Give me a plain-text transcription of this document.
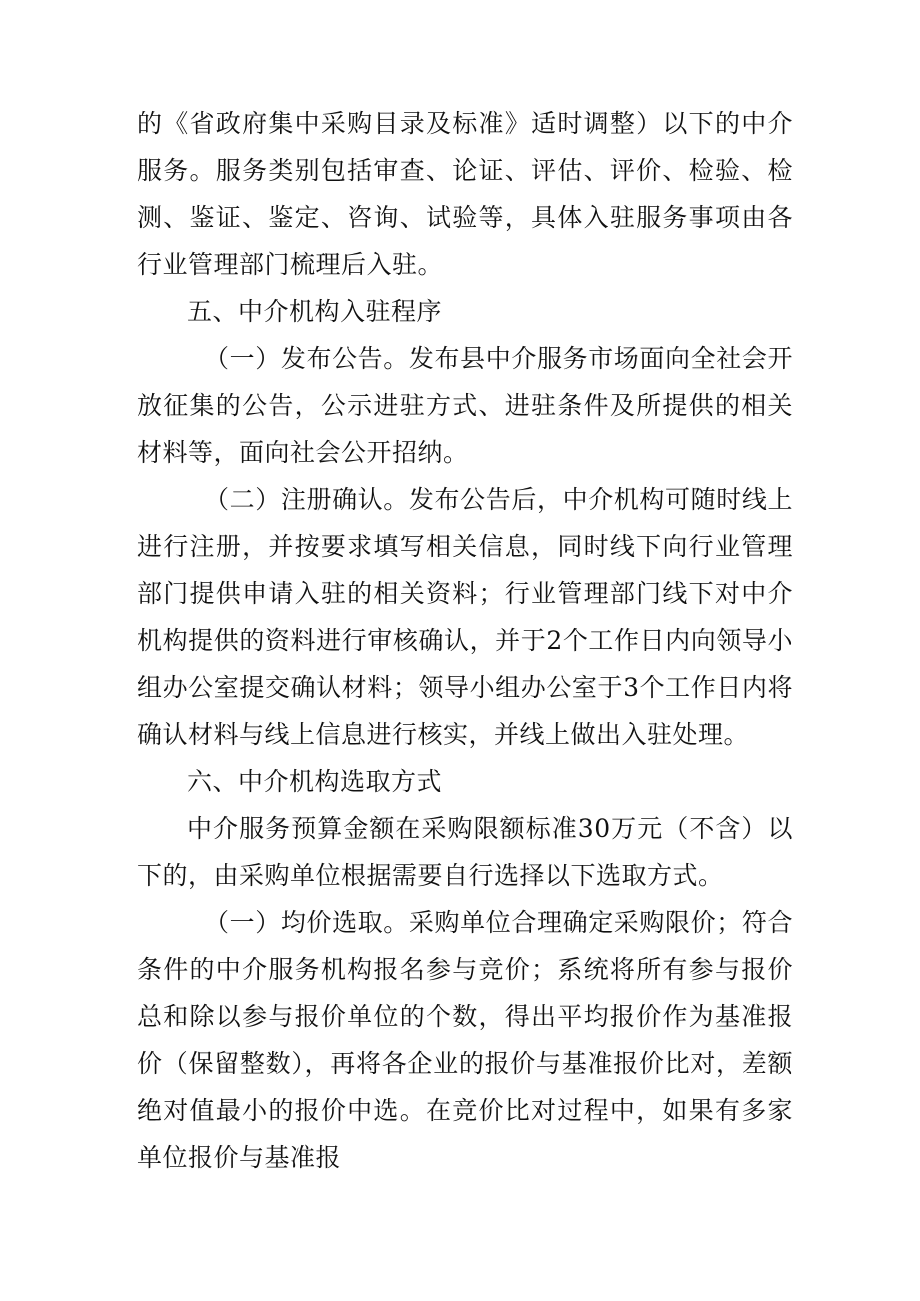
的《省政府集中采购目录及标准》适时调整）以下的中介服务。服务类别包括审查、论证、评估、评价、检验、检测、鉴证、鉴定、咨询、试验等，具体入驻服务事项由各行业管理部门梳理后入驻。

五、中介机构入驻程序

（一）发布公告。发布县中介服务市场面向全社会开放征集的公告，公示进驻方式、进驻条件及所提供的相关材料等，面向社会公开招纳。

（二）注册确认。发布公告后，中介机构可随时线上进行注册，并按要求填写相关信息，同时线下向行业管理部门提供申请入驻的相关资料；行业管理部门线下对中介机构提供的资料进行审核确认，并于2个工作日内向领导小组办公室提交确认材料；领导小组办公室于3个工作日内将确认材料与线上信息进行核实，并线上做出入驻处理。

六、中介机构选取方式

中介服务预算金额在采购限额标准30万元（不含）以下的，由采购单位根据需要自行选择以下选取方式。

（一）均价选取。采购单位合理确定采购限价；符合条件的中介服务机构报名参与竞价；系统将所有参与报价总和除以参与报价单位的个数，得出平均报价作为基准报价（保留整数），再将各企业的报价与基准报价比对，差额绝对值最小的报价中选。在竞价比对过程中，如果有多家单位报价与基准报
